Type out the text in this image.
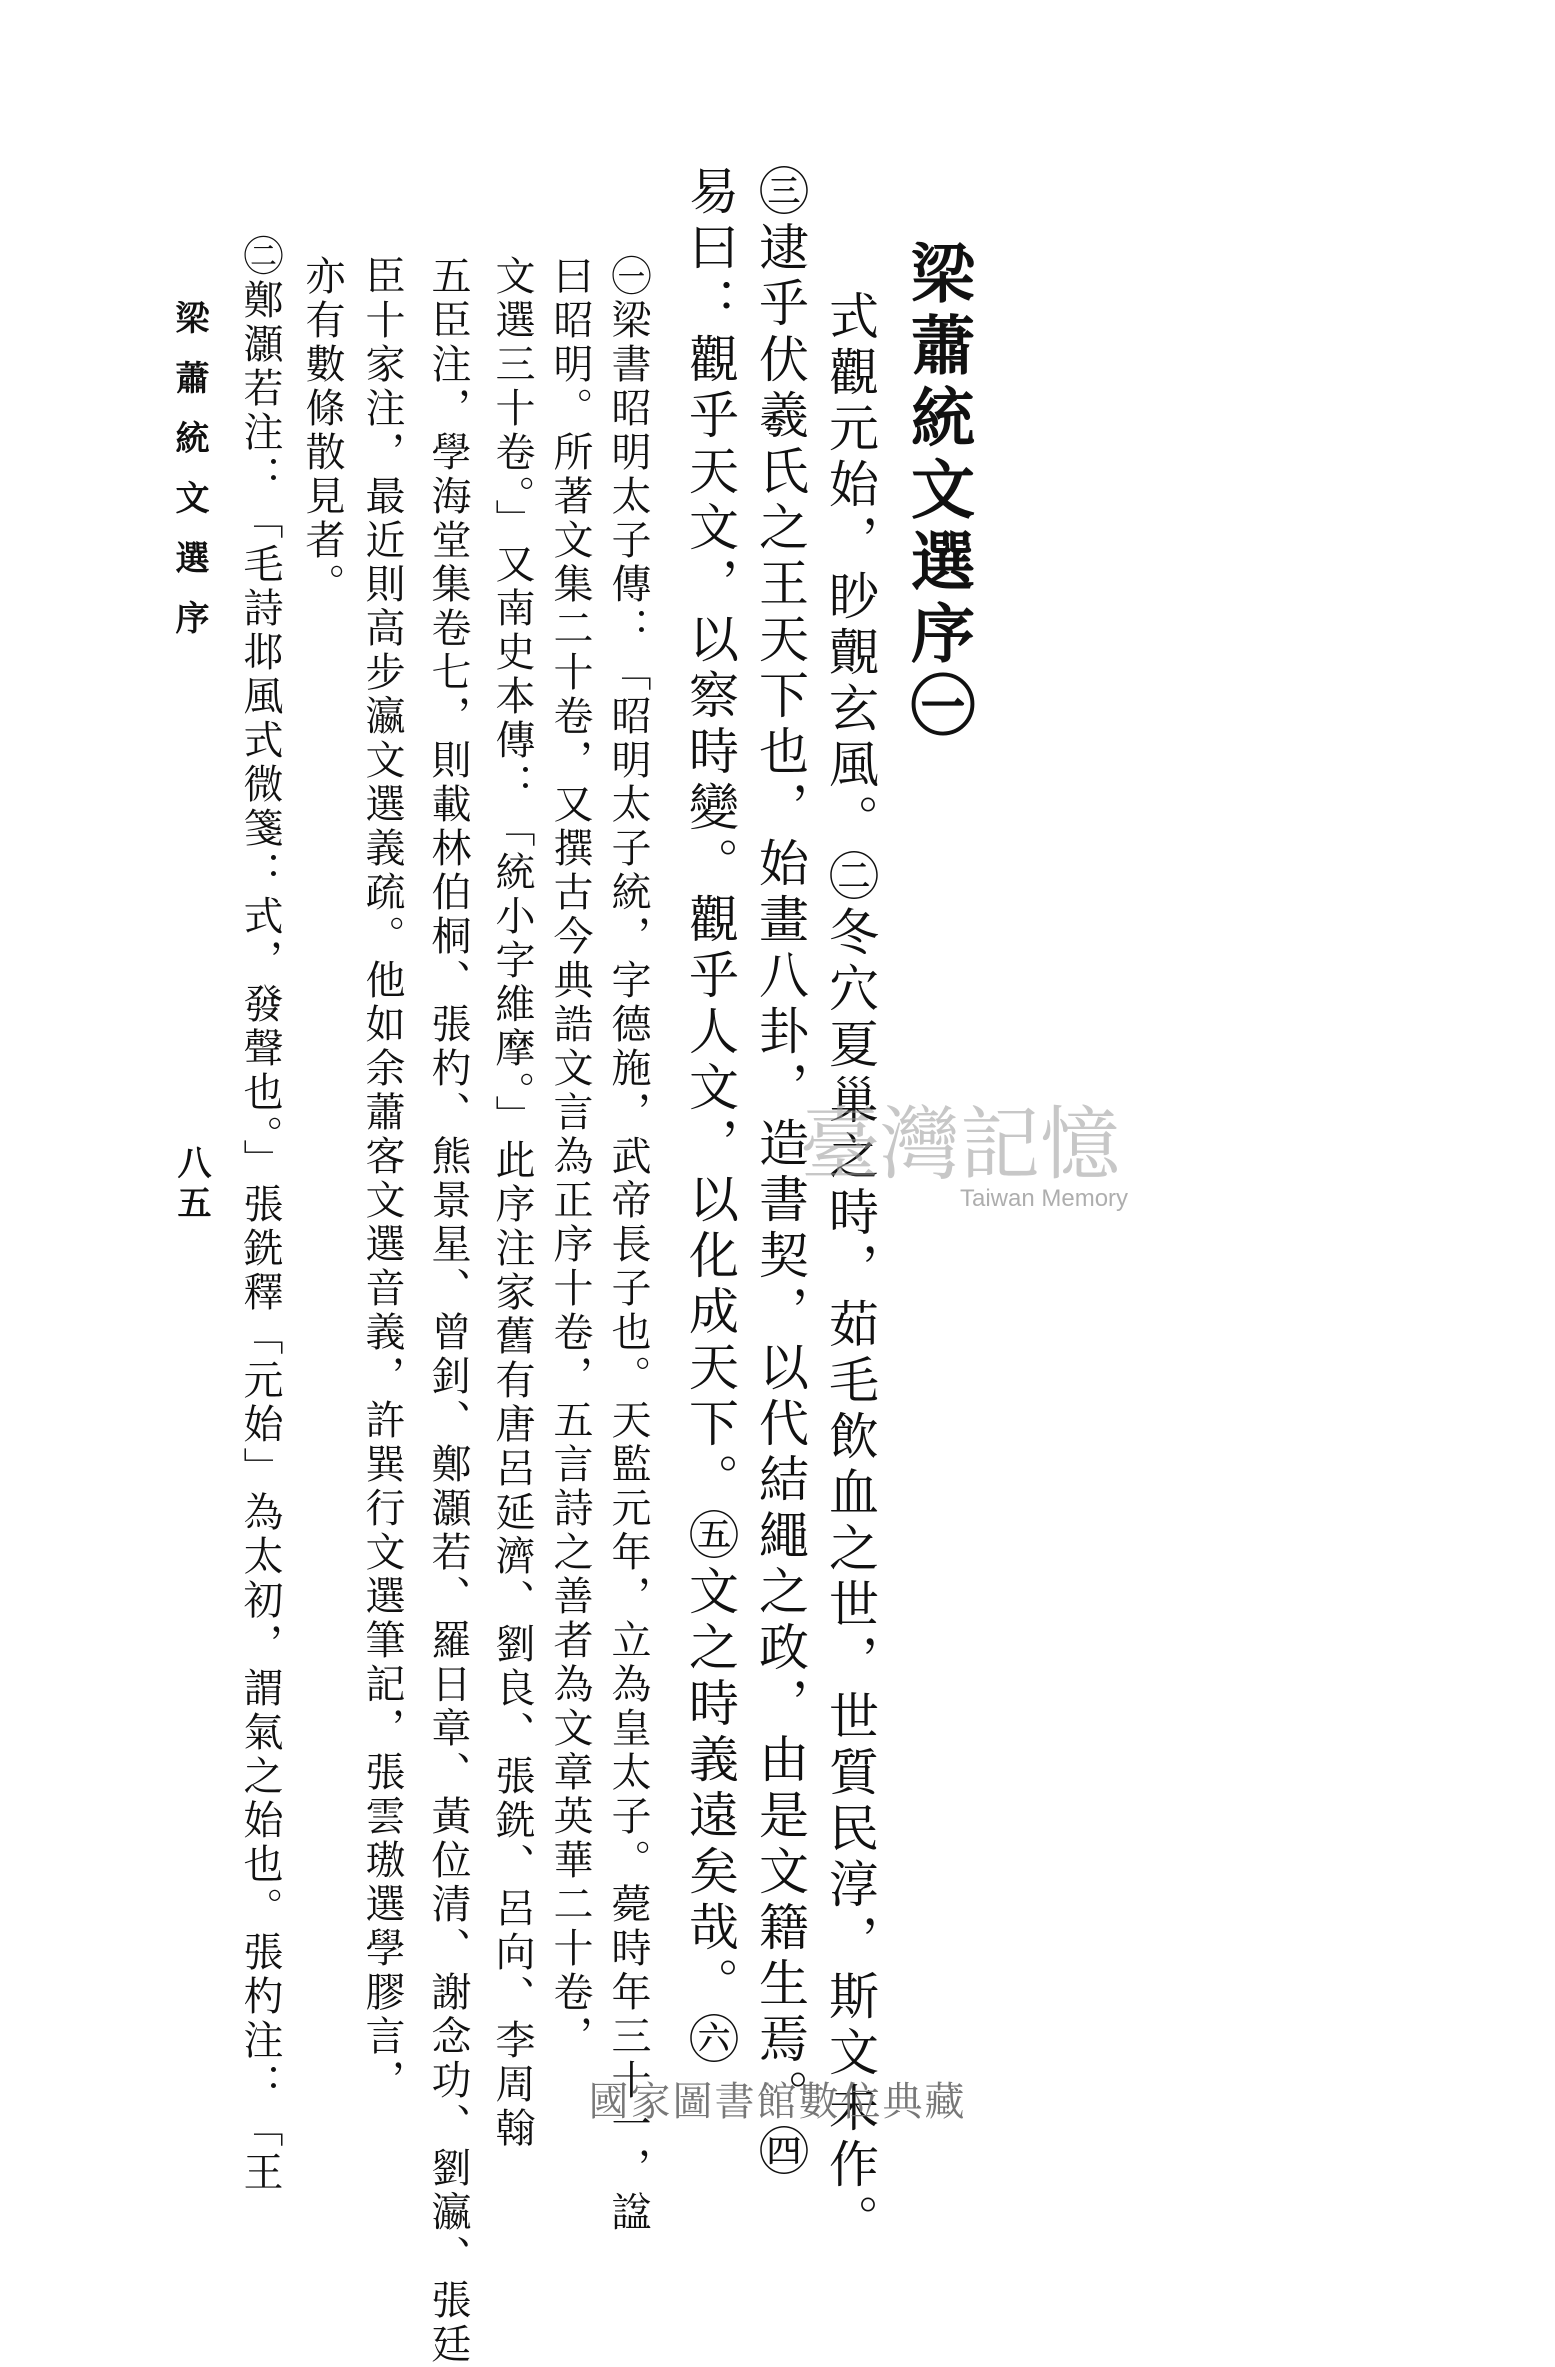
梁蕭統文選序㊀
式觀元始，眇覿玄風。㊁冬穴夏巢之時，茹毛飲血之世，世質民淳，斯文未作。
㊂逮乎伏羲氏之王天下也，始畫八卦，造書契，以代結繩之政，由是文籍生焉。㊃
易曰：觀乎天文，以察時變。觀乎人文，以化成天下。㊄文之時義遠矣哉。㊅
㊀梁書昭明太子傳：「昭明太子統，字德施，武帝長子也。天監元年，立為皇太子。薨時年三十一，諡
曰昭明。所著文集二十卷，又撰古今典誥文言為正序十卷，五言詩之善者為文章英華二十卷，
文選三十卷。」又南史本傳：「統小字維摩。」此序注家舊有唐呂延濟、劉良、張銑、呂向、李周翰
五臣注，學海堂集卷七，則載林伯桐、張杓、熊景星、曾釗、鄭灝若、羅日章、黃位清、謝念功、劉瀛、張廷
臣十家注，最近則高步瀛文選義疏。他如余蕭客文選音義，許巽行文選筆記，張雲璈選學膠言，
亦有數條散見者。
㊁鄭灝若注：「毛詩邶風式微箋：式，發聲也。」張銑釋「元始」為太初，謂氣之始也。張杓注：「王
梁蕭統文選序
八五	臺灣記憶
Taiwan Memory
國家圖書館數位典藏
